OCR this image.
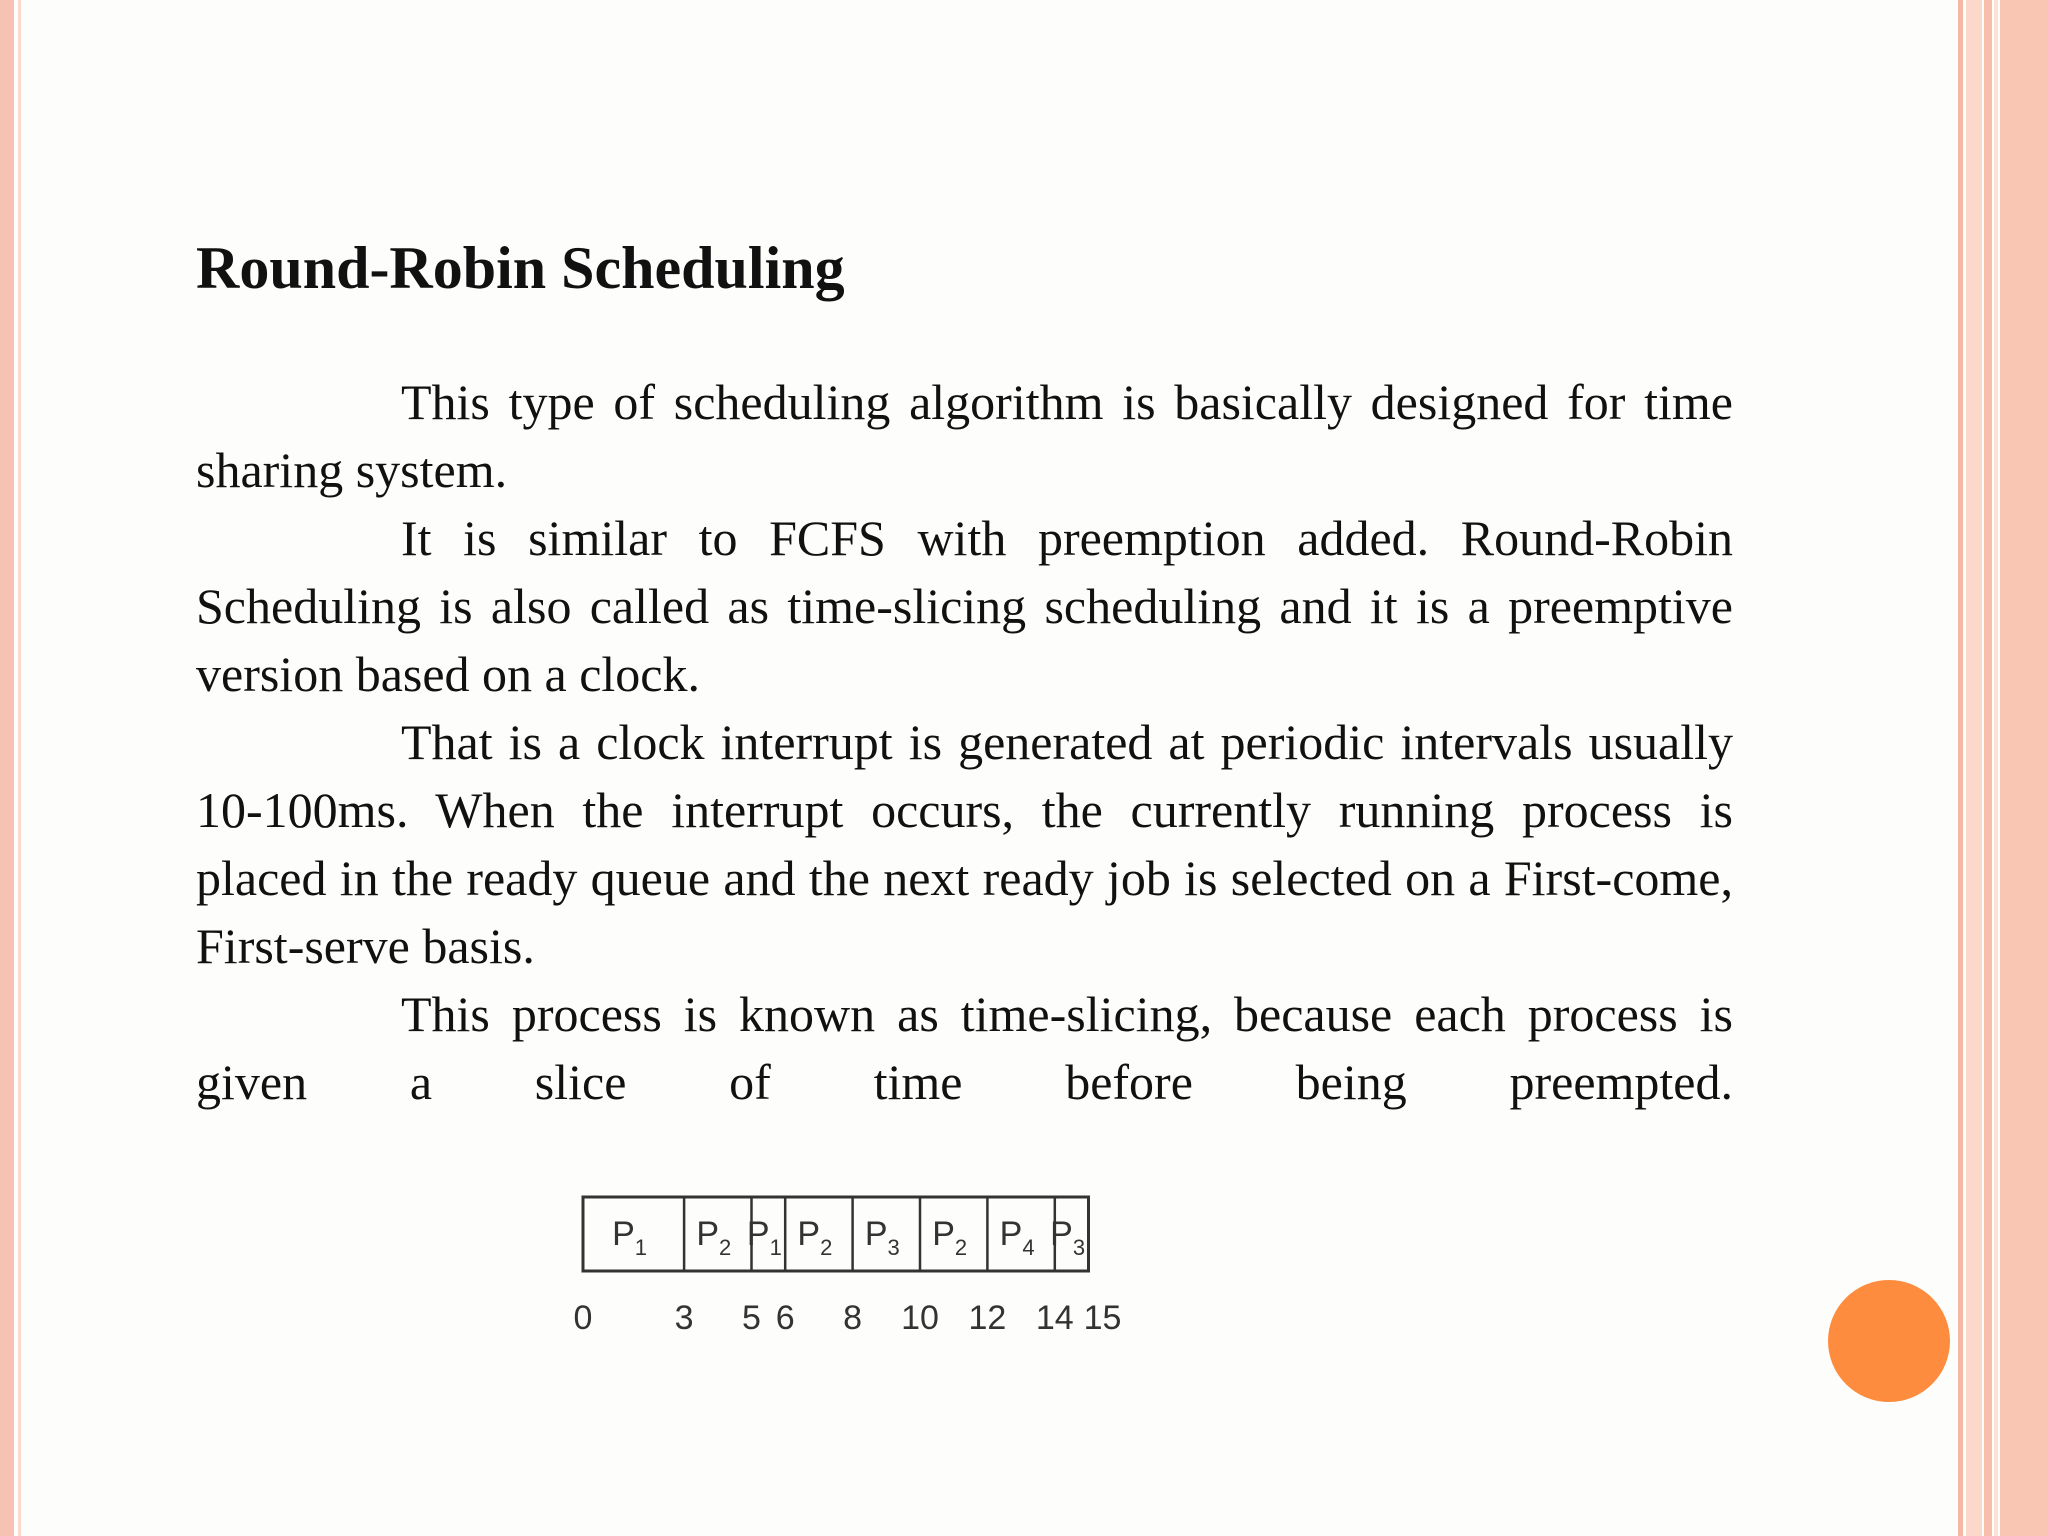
Round-Robin Scheduling

This type of scheduling algorithm is basically designed for time sharing system.

It is similar to FCFS with preemption added. Round-Robin Scheduling is also called as time-slicing scheduling and it is a preemptive version based on a clock.

That is a clock interrupt is generated at periodic intervals usually 10-100ms. When the interrupt occurs, the currently running process is placed in the ready queue and the next ready job is selected on a First-come, First-serve basis.

This process is known as time-slicing, because each process is given a slice of time before being preempted.

$P_1$ $P_2$ $P_1$ $P_2$ $P_3$ $P_2$ $P_4$ $P_3$
0 3 5 6 8 10 12 14 15
